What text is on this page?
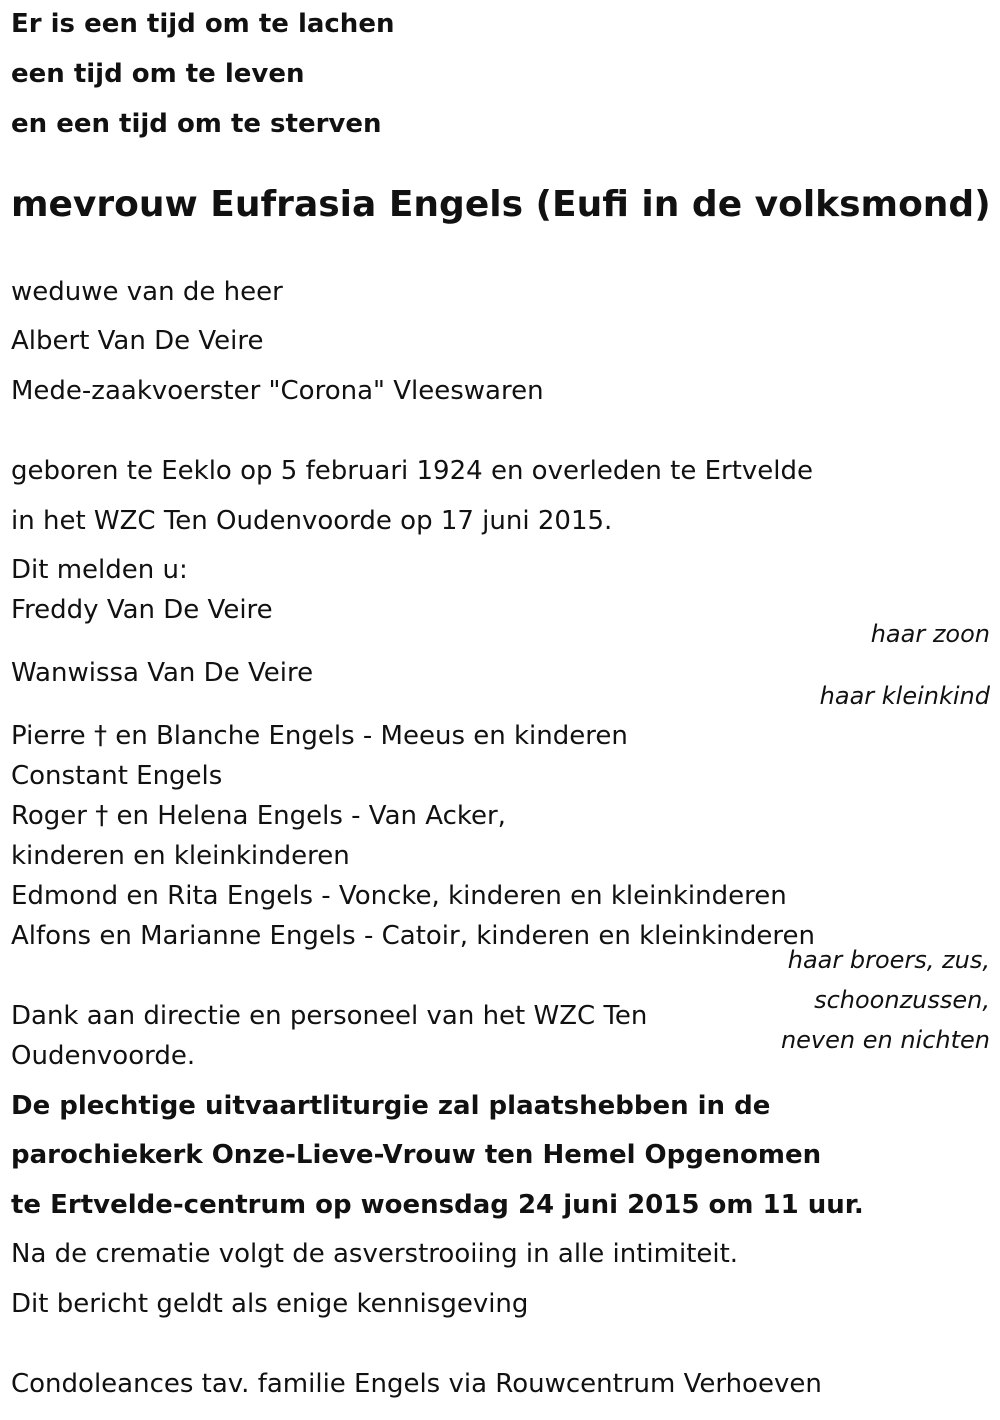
Er is een tijd om te lachen
een tijd om te leven
en een tijd om te sterven
mevrouw Eufrasia Engels (Eufi in de volksmond)
weduwe van de heer
Albert Van De Veire
Mede-zaakvoerster "Corona" Vleeswaren
geboren te Eeklo op 5 februari 1924 en overleden te Ertvelde
in het WZC Ten Oudenvoorde op 17 juni 2015.
Dit melden u:
Freddy Van De Veire
haar zoon
Wanwissa Van De Veire
haar kleinkind
Pierre † en Blanche Engels - Meeus en kinderen
Constant Engels
Roger † en Helena Engels - Van Acker,
kinderen en kleinkinderen
Edmond en Rita Engels - Voncke, kinderen en kleinkinderen
Alfons en Marianne Engels - Catoir, kinderen en kleinkinderen
haar broers, zus,
schoonzussen,
neven en nichten
Dank aan directie en personeel van het WZC Ten
Oudenvoorde.
De plechtige uitvaartliturgie zal plaatshebben in de
parochiekerk Onze-Lieve-Vrouw ten Hemel Opgenomen
te Ertvelde-centrum op woensdag 24 juni 2015 om 11 uur.
Na de crematie volgt de asverstrooiing in alle intimiteit.
Dit bericht geldt als enige kennisgeving
Condoleances tav. familie Engels via Rouwcentrum Verhoeven
